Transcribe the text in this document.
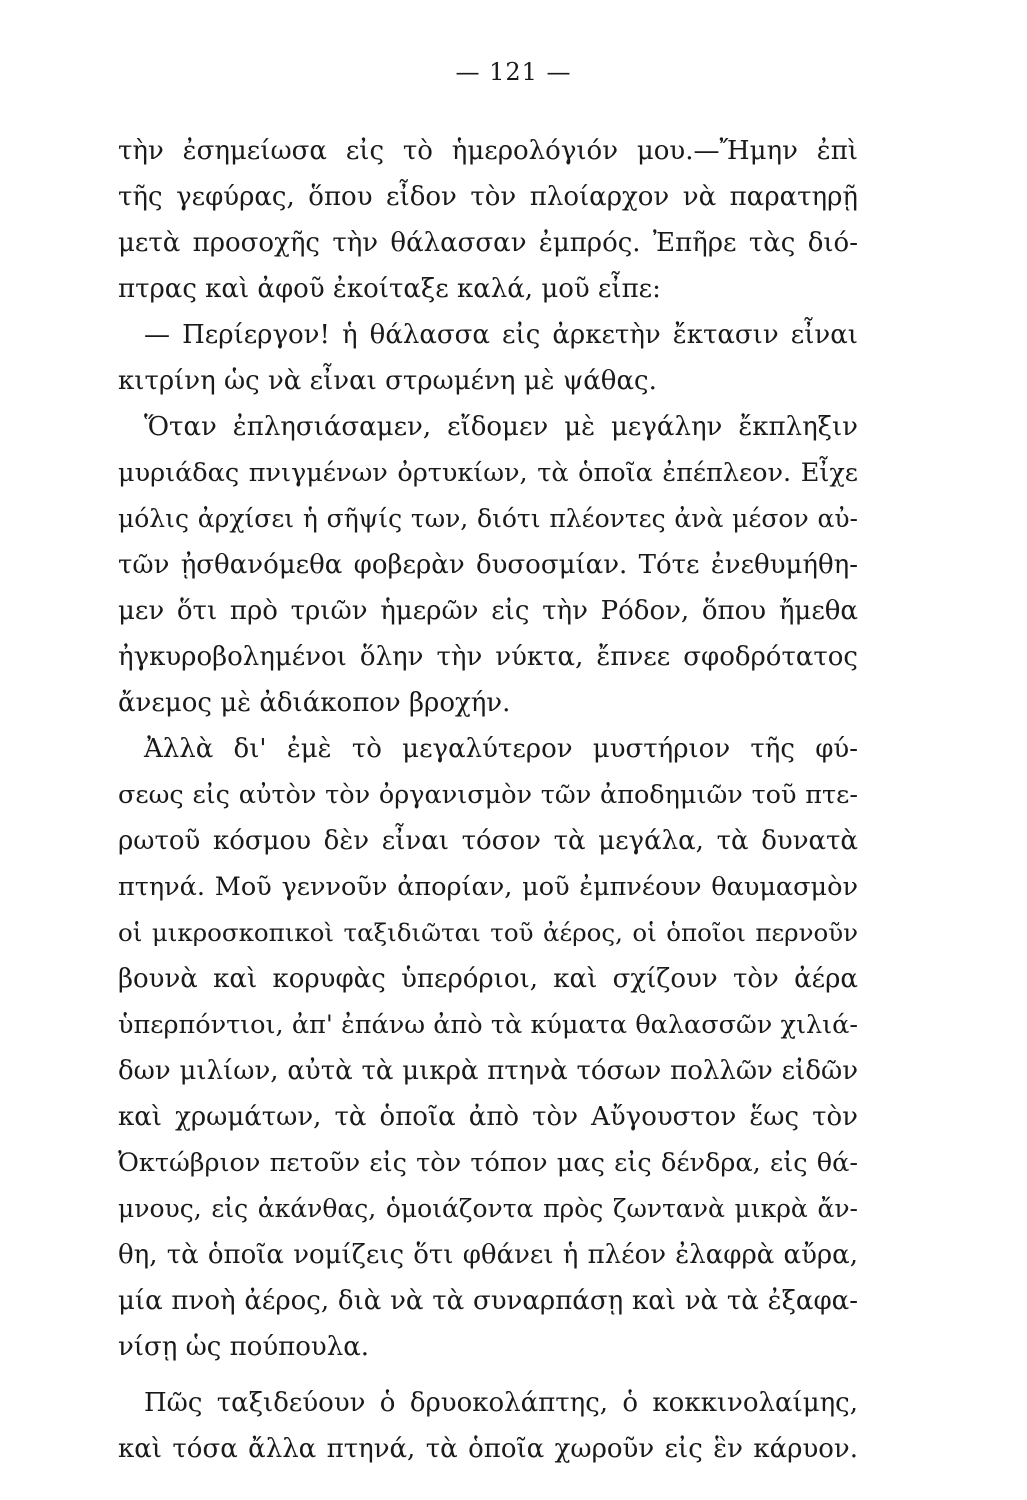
— 121 —
τὴν ἐσημείωσα εἰς τὸ ἡμερολόγιόν μου.—Ἤμην ἐπὶ
τῆς γεφύρας, ὅπου εἶδον τὸν πλοίαρχον νὰ παρατηρῇ
μετὰ προσοχῆς τὴν θάλασσαν ἐμπρός. Ἐπῆρε τὰς διό-
πτρας καὶ ἀφοῦ ἐκοίταξε καλά, μοῦ εἶπε:
— Περίεργον! ἡ θάλασσα εἰς ἀρκετὴν ἔκτασιν εἶναι
κιτρίνη ὡς νὰ εἶναι στρωμένη μὲ ψάθας.
Ὅταν ἐπλησιάσαμεν, εἴδομεν μὲ μεγάλην ἔκπληξιν
μυριάδας πνιγμένων ὀρτυκίων, τὰ ὁποῖα ἐπέπλεον. Εἶχε
μόλις ἀρχίσει ἡ σῆψίς των, διότι πλέοντες ἀνὰ μέσον αὐ-
τῶν ᾐσθανόμεθα φοβερὰν δυσοσμίαν. Τότε ἐνεθυμήθη-
μεν ὅτι πρὸ τριῶν ἡμερῶν εἰς τὴν Ρόδον, ὅπου ἤμεθα
ἠγκυροβολημένοι ὅλην τὴν νύκτα, ἔπνεε σφοδρότατος
ἄνεμος μὲ ἀδιάκοπον βροχήν.
Ἀλλὰ δι' ἐμὲ τὸ μεγαλύτερον μυστήριον τῆς φύ-
σεως εἰς αὐτὸν τὸν ὀργανισμὸν τῶν ἀποδημιῶν τοῦ πτε-
ρωτοῦ κόσμου δὲν εἶναι τόσον τὰ μεγάλα, τὰ δυνατὰ
πτηνά. Μοῦ γεννοῦν ἀπορίαν, μοῦ ἐμπνέουν θαυμασμὸν
οἱ μικροσκοπικοὶ ταξιδιῶται τοῦ ἀέρος, οἱ ὁποῖοι περνοῦν
βουνὰ καὶ κορυφὰς ὑπερόριοι, καὶ σχίζουν τὸν ἀέρα
ὑπερπόντιοι, ἀπ' ἐπάνω ἀπὸ τὰ κύματα θαλασσῶν χιλιά-
δων μιλίων, αὐτὰ τὰ μικρὰ πτηνὰ τόσων πολλῶν εἰδῶν
καὶ χρωμάτων, τὰ ὁποῖα ἀπὸ τὸν Αὔγουστον ἕως τὸν
Ὀκτώβριον πετοῦν εἰς τὸν τόπον μας εἰς δένδρα, εἰς θά-
μνους, εἰς ἀκάνθας, ὁμοιάζοντα πρὸς ζωντανὰ μικρὰ ἄν-
θη, τὰ ὁποῖα νομίζεις ὅτι φθάνει ἡ πλέον ἐλαφρὰ αὔρα,
μία πνοὴ ἀέρος, διὰ νὰ τὰ συναρπάσῃ καὶ νὰ τὰ ἐξαφα-
νίσῃ ὡς πούπουλα.
Πῶς ταξιδεύουν ὁ δρυοκολάπτης, ὁ κοκκινολαίμης,
καὶ τόσα ἄλλα πτηνά, τὰ ὁποῖα χωροῦν εἰς ἓν κάρυον.
